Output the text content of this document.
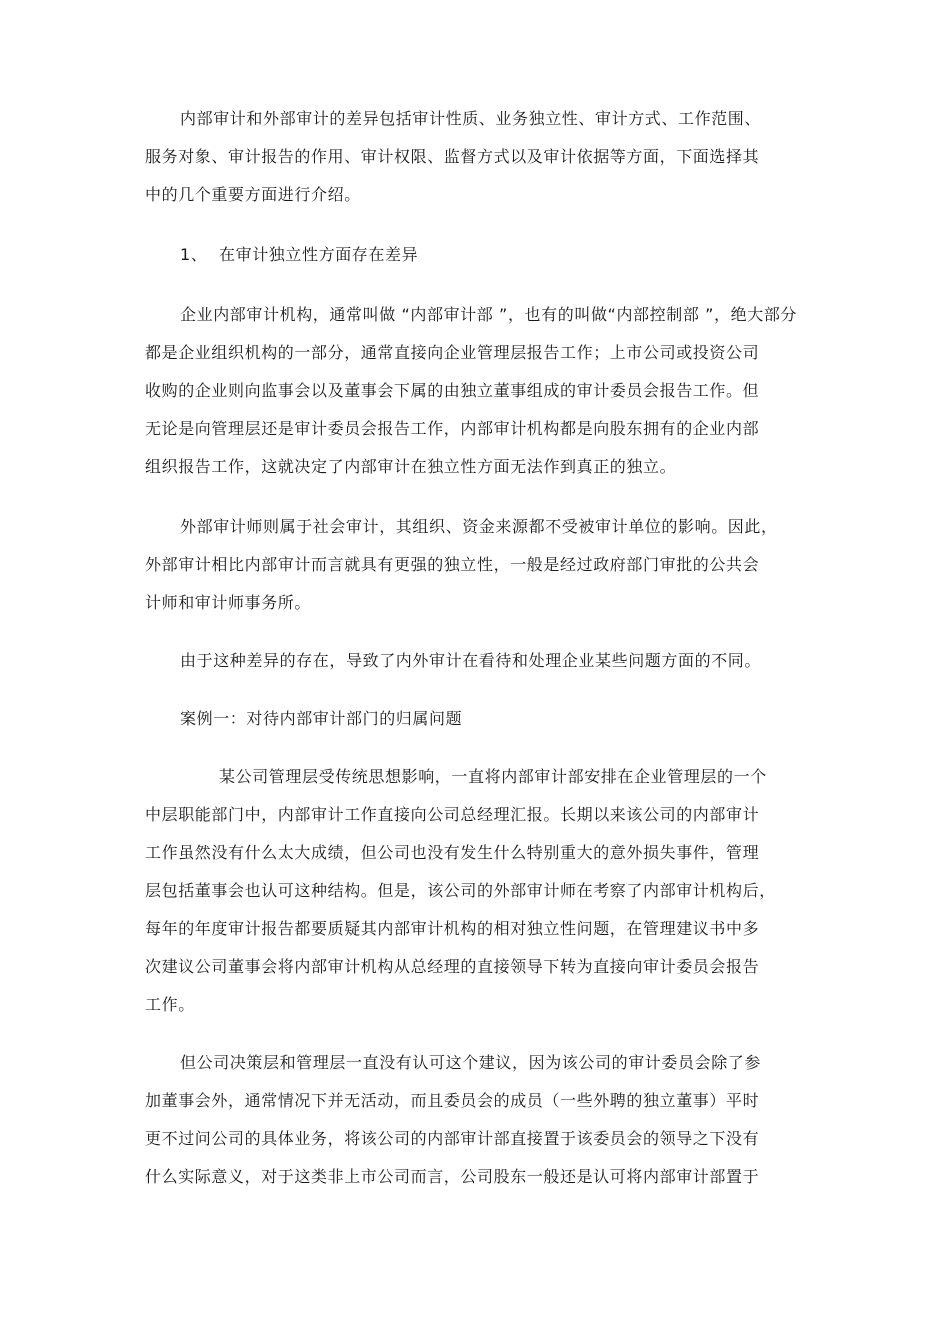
内部审计和外部审计的差异包括审计性质、业务独立性、审计方式、工作范围、
服务对象、审计报告的作用、审计权限、监督方式以及审计依据等方面，下面选择其
中的几个重要方面进行介绍。
1、 在审计独立性方面存在差异
企业内部审计机构，通常叫做 “内部审计部 ”，也有的叫做“内部控制部 ”，绝大部分
都是企业组织机构的一部分，通常直接向企业管理层报告工作；上市公司或投资公司
收购的企业则向监事会以及董事会下属的由独立董事组成的审计委员会报告工作。但
无论是向管理层还是审计委员会报告工作，内部审计机构都是向股东拥有的企业内部
组织报告工作，这就决定了内部审计在独立性方面无法作到真正的独立。
外部审计师则属于社会审计，其组织、资金来源都不受被审计单位的影响。因此，
外部审计相比内部审计而言就具有更强的独立性，一般是经过政府部门审批的公共会
计师和审计师事务所。
由于这种差异的存在，导致了内外审计在看待和处理企业某些问题方面的不同。
案例一：对待内部审计部门的归属问题
某公司管理层受传统思想影响，一直将内部审计部安排在企业管理层的一个
中层职能部门中，内部审计工作直接向公司总经理汇报。长期以来该公司的内部审计
工作虽然没有什么太大成绩，但公司也没有发生什么特别重大的意外损失事件，管理
层包括董事会也认可这种结构。但是，该公司的外部审计师在考察了内部审计机构后，
每年的年度审计报告都要质疑其内部审计机构的相对独立性问题，在管理建议书中多
次建议公司董事会将内部审计机构从总经理的直接领导下转为直接向审计委员会报告
工作。
但公司决策层和管理层一直没有认可这个建议，因为该公司的审计委员会除了参
加董事会外，通常情况下并无活动，而且委员会的成员（一些外聘的独立董事）平时
更不过问公司的具体业务，将该公司的内部审计部直接置于该委员会的领导之下没有
什么实际意义，对于这类非上市公司而言，公司股东一般还是认可将内部审计部置于
